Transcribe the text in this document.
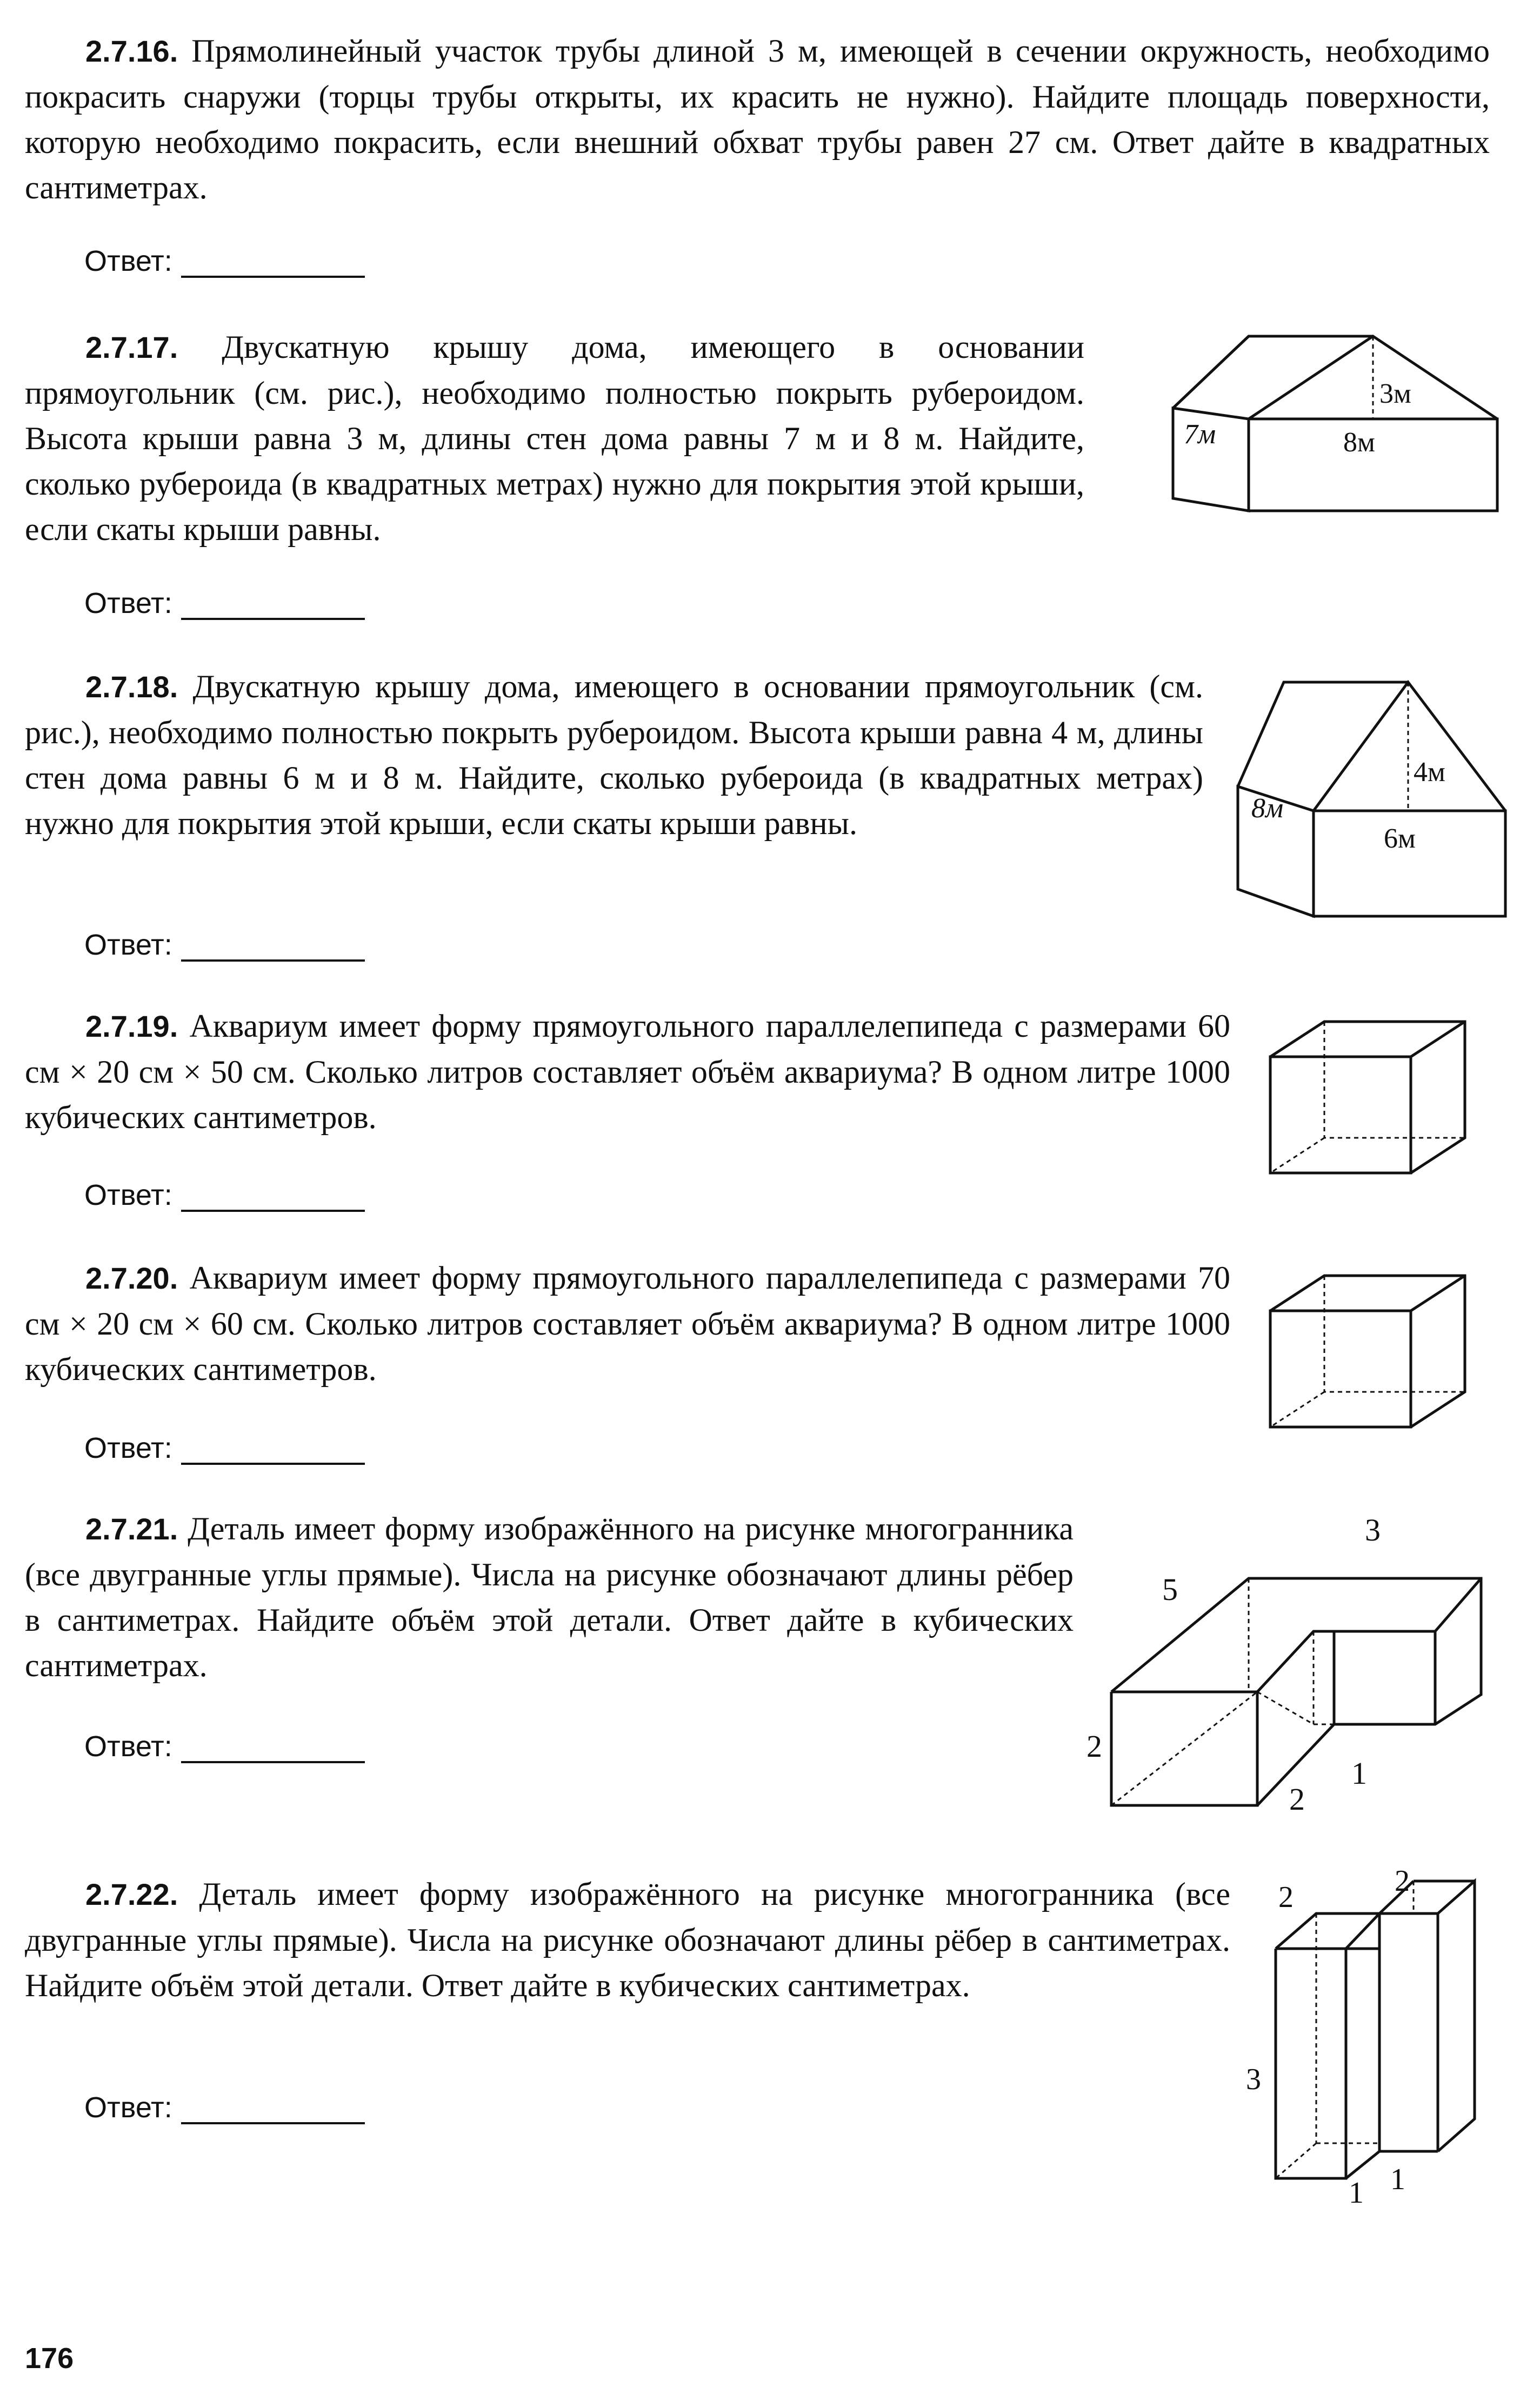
2.7.16. Прямолинейный участок трубы длиной 3 м, имеющей в сечении окружность, необходимо покрасить снаружи (торцы трубы открыты, их красить не нужно). Найдите площадь поверхности, которую необходимо покрасить, если внешний обхват трубы равен 27 см. Ответ дайте в квадратных сантиметрах.

Ответ:

2.7.17. Двускатную крышу дома, имеющего в основании прямоугольник (см. рис.), необходимо полностью покрыть рубероидом. Высота крыши равна 3 м, длины стен дома равны 7 м и 8 м. Найдите, сколько рубероида (в квадратных метрах) нужно для покрытия этой крыши, если скаты крыши равны.

Ответ:
3м
7м	8м

2.7.18. Двускатную крышу дома, имеющего в основании прямоугольник (см. рис.), необходимо полностью покрыть рубероидом. Высота крыши равна 4 м, длины стен дома равны 6 м и 8 м. Найдите, сколько рубероида (в квадратных метрах) нужно для покрытия этой крыши, если скаты крыши равны.

Ответ:
4м
8м
6м

2.7.19. Аквариум имеет форму прямоугольного параллелепипеда с размерами 60 см × 20 см × 50 см. Сколько литров составляет объём аквариума? В одном литре 1000 кубических сантиметров.

Ответ:

2.7.20. Аквариум имеет форму прямоугольного параллелепипеда с размерами 70 см × 20 см × 60 см. Сколько литров составляет объём аквариума? В одном литре 1000 кубических сантиметров.

Ответ:

2.7.21. Деталь имеет форму изображённого на рисунке многогранника (все двугранные углы прямые). Числа на рисунке обозначают длины рёбер в сантиметрах. Найдите объём этой детали. Ответ дайте в кубических сантиметрах.

Ответ:
3
5
2
2
1

2.7.22. Деталь имеет форму изображённого на рисунке многогранника (все двугранные углы прямые). Числа на рисунке обозначают длины рёбер в сантиметрах. Найдите объём этой детали. Ответ дайте в кубических сантиметрах.

Ответ:
2	2
3
1 1
176
